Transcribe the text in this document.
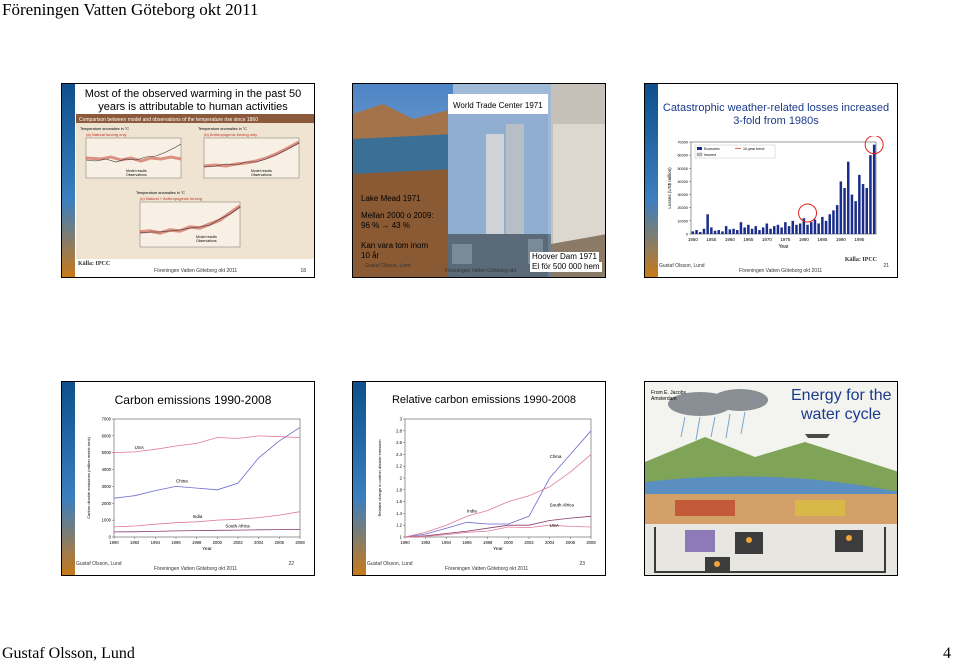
Föreningen Vatten Göteborg okt 2011
Most of the observed warming in the past 50 years is attributable to human activities
Comparison between model and observations of the temperature rise since 1860
Temperature anomalies in °C
(a) Natural forcing only
Model results
Observations
Temperature anomalies in °C
(b) Anthropogenic forcing only
Model results
Observations
Temperature anomalies in °C
(c) Natural + Anthropogenic forcing
Model results
Observations
Källa: IPCC
Föreningen Vatten Göteborg okt 2011	18
World Trade Center 1971
Lake Mead 1971
Mellan 2000 o 2009:
96 % → 43 %
Kan vara tom inom
10 år	Hoover Dam 1971
El för 500 000 hem
Gustaf Olsson, Lund
Föreningen Vatten Göteborg okt
Catastrophic weather-related losses increased 3-fold from 1980s
0
10000
20000
30000
40000
50000
60000
70000
1950 1955 1960 1965 1970 1975 1980 1985 1990 1995
Year
Losses (US$ million)
Economic
Insured
10-year trend
Källa: IPCC
Gustaf Olsson, Lund
Föreningen Vatten Göteborg okt 2011
21
Carbon emissions 1990-2008
0
1000
2000
3000
4000
5000
6000
7000
1990	1992	1994	1996	1998	2000	2002	2004	2006	2008
Year
Carbon dioxide emissions (million metric tons)	USA
China
India
South Africa
Gustaf Olsson, Lund
Föreningen Vatten Göteborg okt 2011
22
Relative carbon emissions 1990-2008
1
1.2
1.4
1.6
1.8
2
2.2
2.4
2.6
2.8
3
1990	1992	1994	1996	1998	2000	2002	2004	2006	2008
Year
Relative change in carbon dioxide emission	China
India
South Africa
USA
Gustaf Olsson, Lund
Föreningen Vatten Göteborg okt 2011
23
From E. Jacobs
Amsterdam	Energy for the
water cycle
Gustaf Olsson, Lund	4
